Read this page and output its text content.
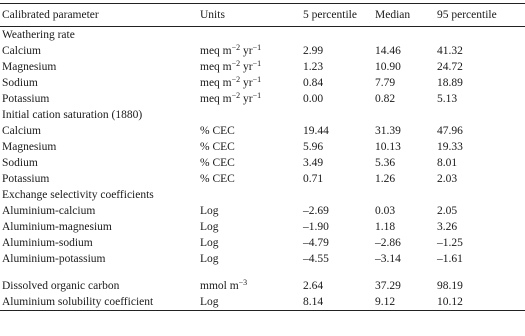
Calibrated parameter	Units	5 percentile	Median	95 percentile
Weathering rate				
Calcium	meq $m^{-2}$ $yr^{-1}$	2.99	14.46	41.32
Magnesium	meq $m^{-2}$ $yr^{-1}$	1.23	10.90	24.72
Sodium	meq $m^{-2}$ $yr^{-1}$	0.84	7.79	18.89
Potassium	meq $m^{-2}$ $yr^{-1}$	0.00	0.82	5.13
Initial cation saturation (1880)				
Calcium	% CEC	19.44	31.39	47.96
Magnesium	% CEC	5.96	10.13	19.33
Sodium	% CEC	3.49	5.36	8.01
Potassium	% CEC	0.71	1.26	2.03
Exchange selectivity coefficients				
Aluminium-calcium	Log	–2.69	0.03	2.05
Aluminium-magnesium	Log	–1.90	1.18	3.26
Aluminium-sodium	Log	–4.79	–2.86	–1.25
Aluminium-potassium	Log	–4.55	–3.14	–1.61

Dissolved organic carbon	mmol $m^{-3}$	2.64	37.29	98.19
Aluminium solubility coefficient	Log	8.14	9.12	10.12
